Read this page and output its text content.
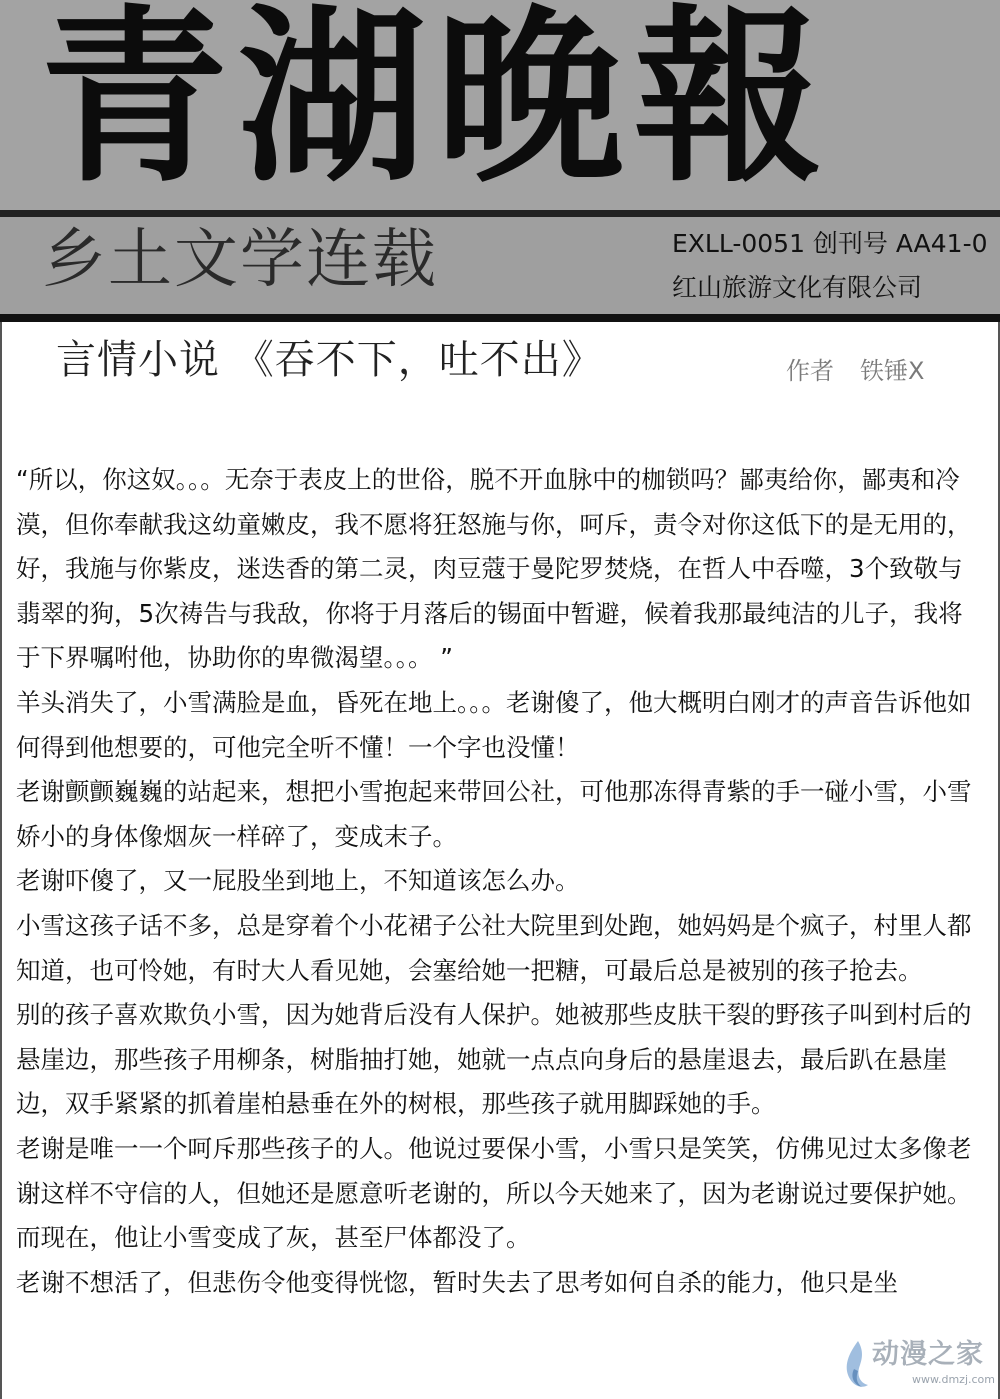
青湖晚報
乡土文学连载	EXLL-0051 创刊号 AA41-0
红山旅游文化有限公司
言情小说 《吞不下，吐不出》	作者 铁锤X

“所以，你这奴。。。无奈于表皮上的世俗，脱不开血脉中的枷锁吗？鄙夷给你，鄙夷和冷漠，但你奉献我这幼童嫩皮，我不愿将狂怒施与你，呵斥，责令对你这低下的是无用的，好，我施与你紫皮，迷迭香的第二灵，肉豆蔻于曼陀罗焚烧，在哲人中吞噬，3个致敬与翡翠的狗，5次祷告与我敌，你将于月落后的锡面中暂避，候着我那最纯洁的儿子，我将于下界嘱咐他，协助你的卑微渴望。。。 ”

羊头消失了，小雪满脸是血，昏死在地上。。。老谢傻了，他大概明白刚才的声音告诉他如何得到他想要的，可他完全听不懂！一个字也没懂！

老谢颤颤巍巍的站起来，想把小雪抱起来带回公社，可他那冻得青紫的手一碰小雪，小雪娇小的身体像烟灰一样碎了，变成末子。

老谢吓傻了，又一屁股坐到地上，不知道该怎么办。

小雪这孩子话不多，总是穿着个小花裙子公社大院里到处跑，她妈妈是个疯子，村里人都知道，也可怜她，有时大人看见她，会塞给她一把糖，可最后总是被别的孩子抢去。

别的孩子喜欢欺负小雪，因为她背后没有人保护。她被那些皮肤干裂的野孩子叫到村后的悬崖边，那些孩子用柳条，树脂抽打她，她就一点点向身后的悬崖退去，最后趴在悬崖边，双手紧紧的抓着崖柏悬垂在外的树根，那些孩子就用脚踩她的手。

老谢是唯一一个呵斥那些孩子的人。他说过要保小雪，小雪只是笑笑，仿佛见过太多像老谢这样不守信的人，但她还是愿意听老谢的，所以今天她来了，因为老谢说过要保护她。

而现在，他让小雪变成了灰，甚至尸体都没了。

老谢不想活了，但悲伤令他变得恍惚，暂时失去了思考如何自杀的能力，他只是坐

动漫之家
www.dmzj.com
